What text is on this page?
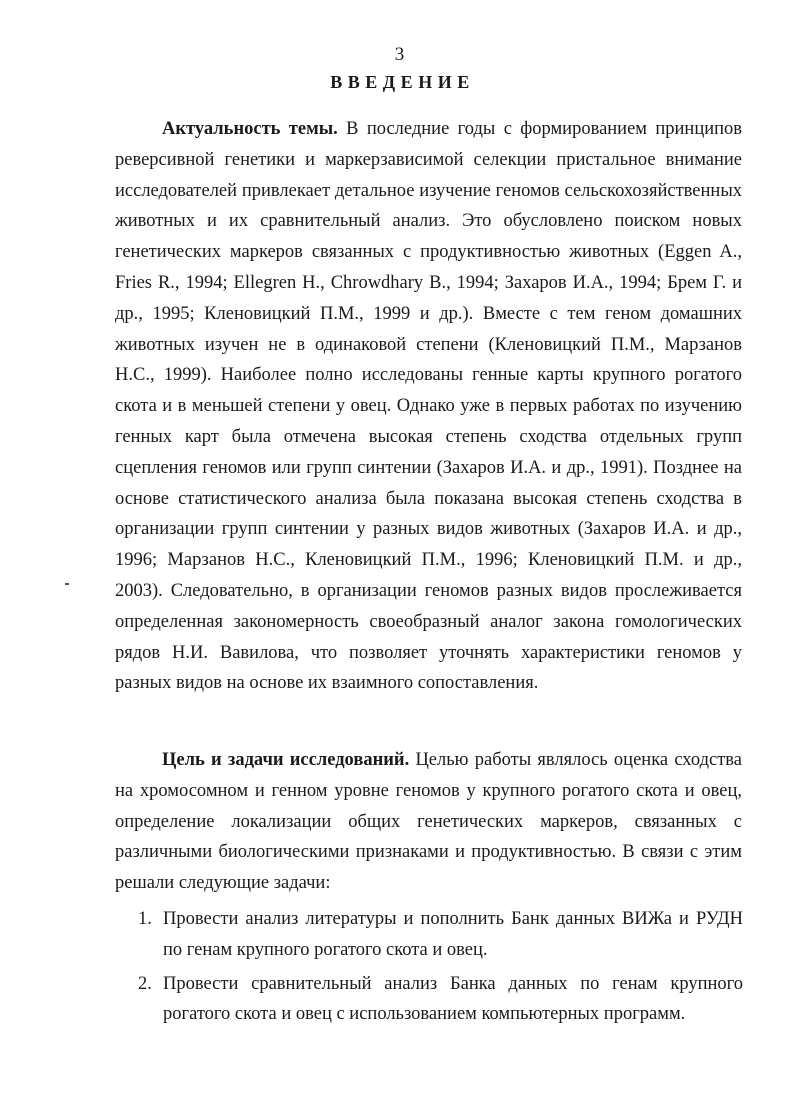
3
ВВЕДЕНИЕ

Актуальность темы. В последние годы с формированием принципов реверсивной генетики и маркерзависимой селекции пристальное внимание исследователей привлекает детальное изучение геномов сельскохозяйственных животных и их сравнительный анализ. Это обусловлено поиском новых генетических маркеров связанных с продуктивностью животных (Eggen A., Fries R., 1994; Ellegren H., Chrowdhary B., 1994; Захаров И.А., 1994; Брем Г. и др., 1995; Кленовицкий П.М., 1999 и др.). Вместе с тем геном домашних животных изучен не в одинаковой степени (Кленовицкий П.М., Марзанов Н.С., 1999). Наиболее полно исследованы генные карты крупного рогатого скота и в меньшей степени у овец. Однако уже в первых работах по изучению генных карт была отмечена высокая степень сходства отдельных групп сцепления геномов или групп синтении (Захаров И.А. и др., 1991). Позднее на основе статистического анализа была показана высокая степень сходства в организации групп синтении у разных видов животных (Захаров И.А. и др., 1996; Марзанов Н.С., Кленовицкий П.М., 1996; Кленовицкий П.М. и др., 2003). Следовательно, в организации геномов разных видов прослеживается определенная закономерность своеобразный аналог закона гомологических рядов Н.И. Вавилова, что позволяет уточнять характеристики геномов у разных видов на основе их взаимного сопоставления.

Цель и задачи исследований. Целью работы являлось оценка сходства на хромосомном и генном уровне геномов у крупного рогатого скота и овец, определение локализации общих генетических маркеров, связанных с различными биологическими признаками и продуктивностью. В связи с этим решали следующие задачи:

1. Провести анализ литературы и пополнить Банк данных ВИЖа и РУДН по генам крупного рогатого скота и овец.
2. Провести сравнительный анализ Банка данных по генам крупного рогатого скота и овец с использованием компьютерных программ.
